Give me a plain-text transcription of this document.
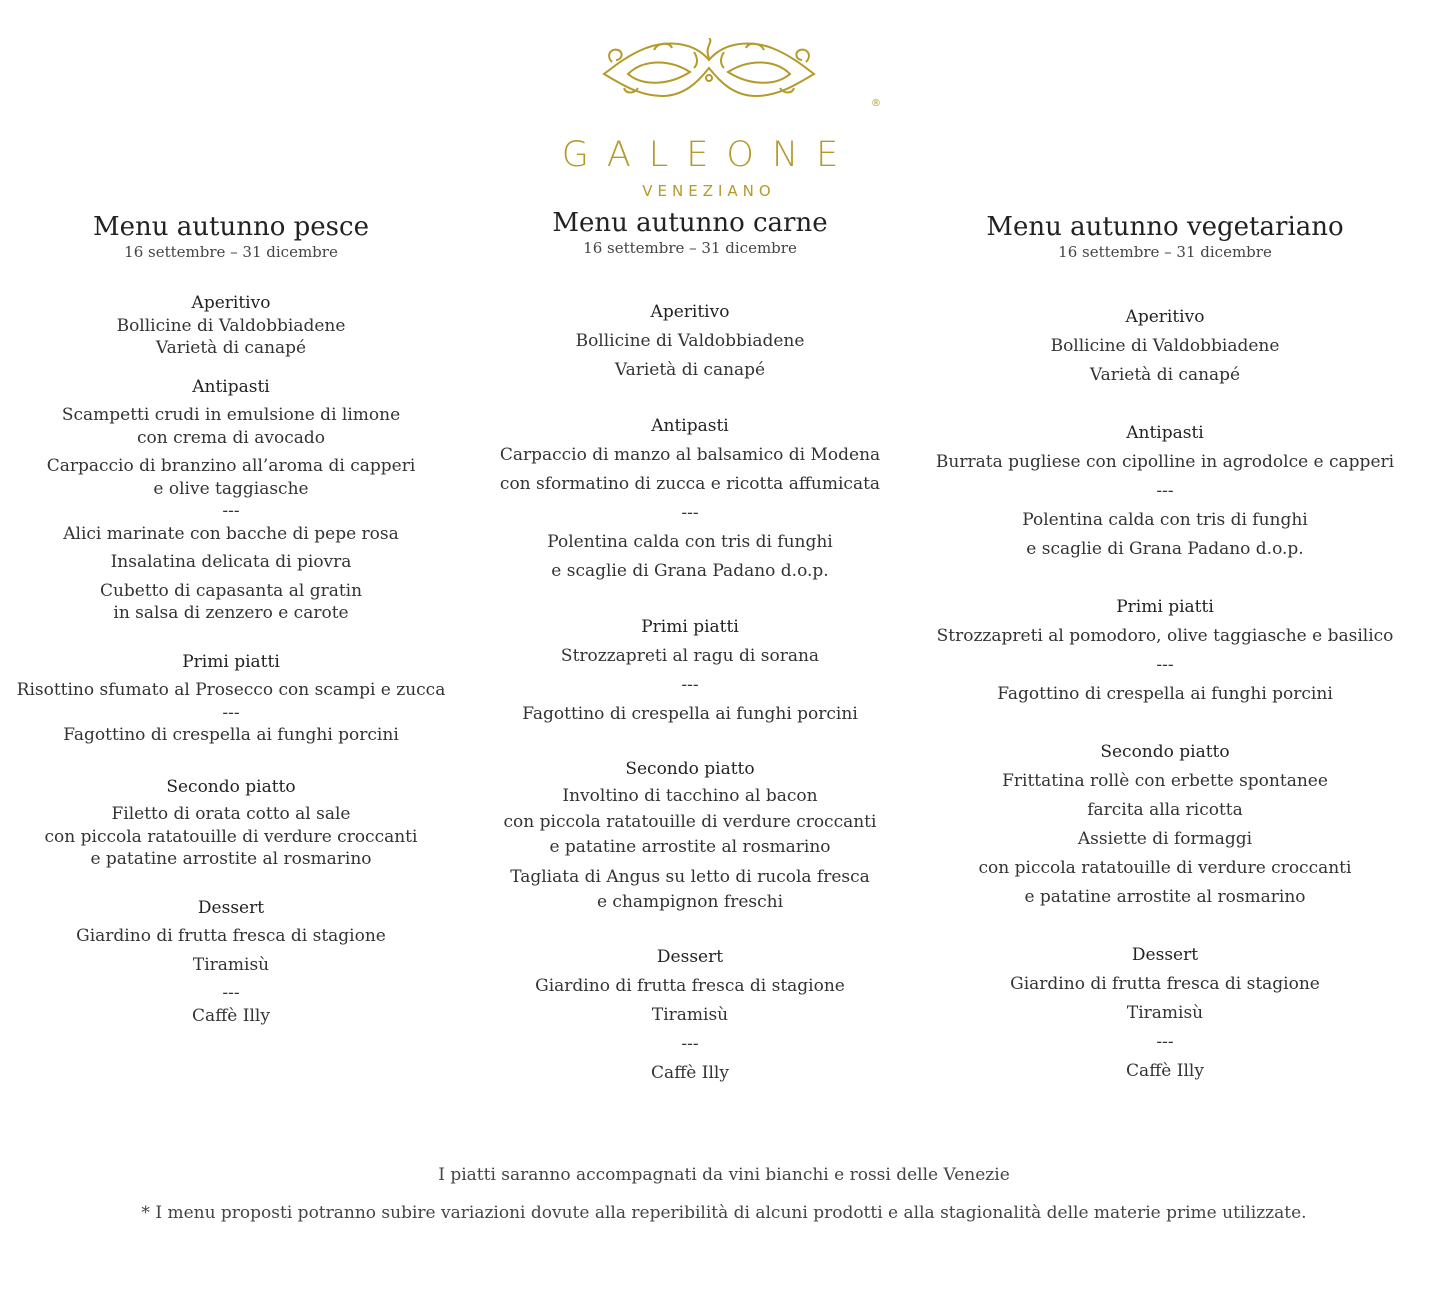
GALEONE
®
VENEZIANO
Menu autunno pesce
16 settembre – 31 dicembre
Aperitivo
Bollicine di Valdobbiadene
Varietà di canapé
Antipasti
Scampetti crudi in emulsione di limone
con crema di avocado
Carpaccio di branzino all’aroma di capperi
e olive taggiasche
---
Alici marinate con bacche di pepe rosa
Insalatina delicata di piovra
Cubetto di capasanta al gratin
in salsa di zenzero e carote
Primi piatti
Risottino sfumato al Prosecco con scampi e zucca
---
Fagottino di crespella ai funghi porcini
Secondo piatto
Filetto di orata cotto al sale
con piccola ratatouille di verdure croccanti
e patatine arrostite al rosmarino
Dessert
Giardino di frutta fresca di stagione
Tiramisù
---
Caffè Illy
Menu autunno carne
16 settembre – 31 dicembre
Aperitivo
Bollicine di Valdobbiadene
Varietà di canapé
Antipasti
Carpaccio di manzo al balsamico di Modena
con sformatino di zucca e ricotta affumicata
---
Polentina calda con tris di funghi
e scaglie di Grana Padano d.o.p.
Primi piatti
Strozzapreti al ragu di sorana
---
Fagottino di crespella ai funghi porcini
Secondo piatto
Involtino di tacchino al bacon
con piccola ratatouille di verdure croccanti
e patatine arrostite al rosmarino
Tagliata di Angus su letto di rucola fresca
e champignon freschi
Dessert
Giardino di frutta fresca di stagione
Tiramisù
---
Caffè Illy
Menu autunno vegetariano
16 settembre – 31 dicembre
Aperitivo
Bollicine di Valdobbiadene
Varietà di canapé
Antipasti
Burrata pugliese con cipolline in agrodolce e capperi
---
Polentina calda con tris di funghi
e scaglie di Grana Padano d.o.p.
Primi piatti
Strozzapreti al pomodoro, olive taggiasche e basilico
---
Fagottino di crespella ai funghi porcini
Secondo piatto
Frittatina rollè con erbette spontanee
farcita alla ricotta
Assiette di formaggi
con piccola ratatouille di verdure croccanti
e patatine arrostite al rosmarino
Dessert
Giardino di frutta fresca di stagione
Tiramisù
---
Caffè Illy
I piatti saranno accompagnati da vini bianchi e rossi delle Venezie
* I menu proposti potranno subire variazioni dovute alla reperibilità di alcuni prodotti e alla stagionalità delle materie prime utilizzate.
